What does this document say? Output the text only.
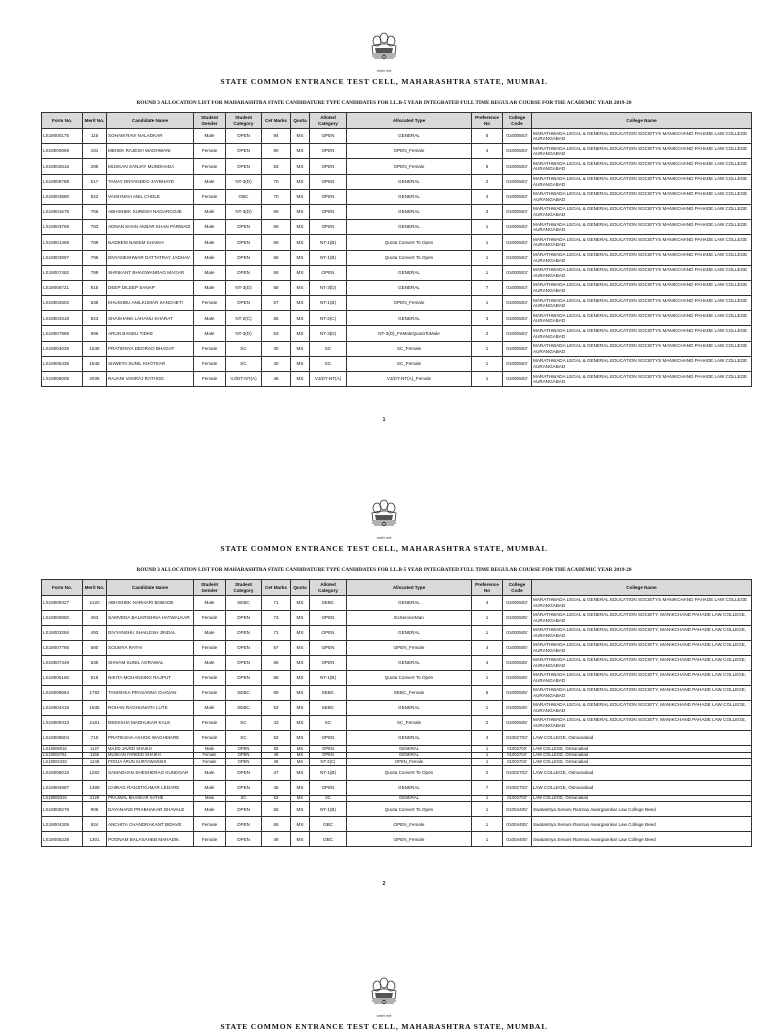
सत्यमेव जयते
STATE COMMON ENTRANCE TEST CELL, MAHARASHTRA STATE, MUMBAI.
ROUND 3 ALLOCATION LIST FOR MAHARASHTRA STATE CANDIDATURE TYPE CANDIDATES FOR LL.B-5 YEAR INTEGRATED FULL TIME REGULAR COURSE FOR THE ACADEMIC YEAR 2019-20
Form No.	Merit No.	Candidate Name	Student Gender	Student Category	Cet Marks	Quota	Alloted Category	Allocated Type	Preference No	College Code	College Name
LS19000175	116	SOHAM RAVI NALADKAR	Male	OPEN	94	MS	OPEN	GENERAL	5	01000503'	MARATHWADA LEGAL & GENERAL EDUCATION SOCIETYS MANIKCHAND PAHADE LAW COLLEGE AURANGABAD
LS19000669	181	MEHEK RAJESH WADHWANI	Female	OPEN	90	MS	OPEN	OPEN_Female	4	01000503'	MARATHWADA LEGAL & GENERAL EDUCATION SOCIETYS MANIKCHAND PAHADE LAW COLLEGE AURANGABAD
LS19002615	295	MUSKAN SANJAY MUNDHADA	Female	OPEN	83	MS	OPEN	OPEN_Female	6	01000503'	MARATHWADA LEGAL & GENERAL EDUCATION SOCIETYS MANIKCHAND PAHADE LAW COLLEGE AURANGABAD
LS19008788	517	TANAY DNYANDEO JAYBHAYE	Male	NT-3(D)	70	MS	OPEN	GENERAL	2	01000503'	MARATHWADA LEGAL & GENERAL EDUCATION SOCIETYS MANIKCHAND PAHADE LAW COLLEGE AURANGABAD
LS19003880	522	VAISHNAVI ANIL CHOLE	Female	OBC	70	MS	OPEN	GENERAL	4	01000503'	MARATHWADA LEGAL & GENERAL EDUCATION SOCIETYS MANIKCHAND PAHADE LAW COLLEGE AURANGABAD
LS19001575	766	ABHISHEK SURESH NAGARGOJE	Male	NT-3(D)	59	MS	OPEN	GENERAL	3	01000503'	MARATHWADA LEGAL & GENERAL EDUCATION SOCIETYS MANIKCHAND PAHADE LAW COLLEGE AURANGABAD
LS19003769	783	ADNAN KHAN AKBAR KHAN PARWAIZ	Male	OPEN	59	MS	OPEN	GENERAL	1	01000503'	MARATHWADA LEGAL & GENERAL EDUCATION SOCIETYS MANIKCHAND PAHADE LAW COLLEGE AURANGABAD
LS19001469	789	NADEEM NAEEM SHAIKH	Male	OPEN	59	MS	NT-1(B)	Quota Convert To Open	1	01000503'	MARATHWADA LEGAL & GENERAL EDUCATION SOCIETYS MANIKCHAND PAHADE LAW COLLEGE AURANGABAD
LS19003997	796	DNYANESHWAR DATTATRAY JADHAV	Male	OPEN	58	MS	NT-1(B)	Quota Convert To Open	1	01000503'	MARATHWADA LEGAL & GENERAL EDUCATION SOCIETYS MANIKCHAND PAHADE LAW COLLEGE AURANGABAD
LS19007462	799	SHRIKANT BHAGWANRAO MAGAR	Male	OPEN	58	MS	OPEN	GENERAL	1	01000503'	MARATHWADA LEGAL & GENERAL EDUCATION SOCIETYS MANIKCHAND PAHADE LAW COLLEGE AURANGABAD
LS19008721	815	DEEP DILEEP SANAP	Male	NT-3(D)	58	MS	NT-3(D)	GENERAL	7	01000503'	MARATHWADA LEGAL & GENERAL EDUCATION SOCIETYS MANIKCHAND PAHADE LAW COLLEGE AURANGABAD
LS19002502	838	KHUSHBU ANILKUMAR SANCHETI	Female	OPEN	57	MS	NT-1(B)	OPEN_Female	1	01000503'	MARATHWADA LEGAL & GENERAL EDUCATION SOCIETYS MANIKCHAND PAHADE LAW COLLEGE AURANGABAD
LS19004318	923	SHASHANK LAHANU KHARAT	Male	NT-2(C)	55	MS	NT-2(C)	GENERAL	3	01000503'	MARATHWADA LEGAL & GENERAL EDUCATION SOCIETYS MANIKCHAND PAHADE LAW COLLEGE AURANGABAD
LS19007989	996	ARUN BANDU TIDKE	Male	NT-3(D)	53	MS	NT-3(D)	NT-3(D)_FeMaleQuotaToMale	2	01000503'	MARATHWADA LEGAL & GENERAL EDUCATION SOCIETYS MANIKCHAND PAHADE LAW COLLEGE AURANGABAD
LS19004026	1538	PRATIDNYA DEORAO BHAGAT	Female	SC	40	MS	SC	SC_Female	1	01000503'	MARATHWADA LEGAL & GENERAL EDUCATION SOCIETYS MANIKCHAND PAHADE LAW COLLEGE AURANGABAD
LS19005436	1548	SHWETA SUNIL KHOTKAR	Female	SC	40	MS	SC	SC_Female	1	01000503'	MARATHWADA LEGAL & GENERAL EDUCATION SOCIETYS MANIKCHAND PAHADE LAW COLLEGE AURANGABAD
LS19008006	2035	RAJANI VANRAJ RATHOD	Female	VJ/DT-NT(A)	46	MS	VJ/DT-NT(A)	VJ/DT-NT(A)_Female	1	01000503'	MARATHWADA LEGAL & GENERAL EDUCATION SOCIETYS MANIKCHAND PAHADE LAW COLLEGE AURANGABAD
1
सत्यमेव जयते
STATE COMMON ENTRANCE TEST CELL, MAHARASHTRA STATE, MUMBAI.
ROUND 3 ALLOCATION LIST FOR MAHARASHTRA STATE CANDIDATURE TYPE CANDIDATES FOR LL.B-5 YEAR INTEGRATED FULL TIME REGULAR COURSE FOR THE ACADEMIC YEAR 2019-20
Form No.	Merit No.	Candidate Name	Student Gender	Student Category	Cet Marks	Quota	Alloted Category	Allocated Type	Preference No	College Code	College Name
LS19009327	2120	ABHISHEK NARHARI BOBADE	Male	SEBC	71	MS	SEBC	GENERAL	4	01000503'	MARATHWADA LEGAL & GENERAL EDUCATION SOCIETYS MANIKCHAND PAHADE LAW COLLEGE AURANGABAD
LS19000950	463	SAMVEDA BALKRISHNA HATWALKAR	Female	OPEN	73	MS	OPEN	ExServiceMan	1	01000505'	MARATHWADA LEGAL & GENERAL EDUCATION SOCIETY, MANIKCHAND PAHADE LAW COLLEGE, AURANGABAD
LS19003284	493	DIVYANSHU SHAILESH JINDAL	Male	OPEN	71	MS	OPEN	GENERAL	1	01000505'	MARATHWADA LEGAL & GENERAL EDUCATION SOCIETY, MANIKCHAND PAHADE LAW COLLEGE, AURANGABAD
LS19007765	580	SOUMYA RATHI	Female	OPEN	67	MS	OPEN	OPEN_Female	4	01000505'	MARATHWADA LEGAL & GENERAL EDUCATION SOCIETY, MANIKCHAND PAHADE LAW COLLEGE, AURANGABAD
LS19007349	635	SHIVAM SUNIL AGRAWAL	Male	OPEN	65	MS	OPEN	GENERAL	4	01000505'	MARATHWADA LEGAL & GENERAL EDUCATION SOCIETY, MANIKCHAND PAHADE LAW COLLEGE, AURANGABAD
LS19005160	818	NIKITA MOHANSING RAJPUT	Female	OPEN	58	MS	NT-1(B)	Quota Convert To Open	1	01000505'	MARATHWADA LEGAL & GENERAL EDUCATION SOCIETY, MANIKCHAND PAHADE LAW COLLEGE, AURANGABAD
LS19008664	1792	TANISHKA PRASANNA CHAVAN	Female	SEBC	69	MS	SEBC	SEBC_Female	6	01000505'	MARATHWADA LEGAL & GENERAL EDUCATION SOCIETY, MANIKCHAND PAHADE LAW COLLEGE, AURANGABAD
LS19004419	1935	ROHAN RAGHUNATH LUTE	Male	SEBC	53	MS	SEBC	GENERAL	1	01000505'	MARATHWADA LEGAL & GENERAL EDUCATION SOCIETY, MANIKCHAND PAHADE LAW COLLEGE, AURANGABAD
LS19009313	2161	DEEKSHA MADHUKAR KALE	Female	SC	43	MS	SC	SC_Female	2	01000505'	MARATHWADA LEGAL & GENERAL EDUCATION SOCIETY, MANIKCHAND PAHADE LAW COLLEGE, AURANGABAD
LS19008504	710	PRATIKSHA ASHOK WAGHMARE	Female	SC	62	MS	OPEN	GENERAL	4	01002703'	LAW COLLEGE, Osmanabad
LS19009015	1127	MAJID JAVED SHAIKH	Male	OPEN	50	MS	OPEN	GENERAL	1	01002703'	LAW COLLEGE, Osmanabad
LS19004761	1158	MUSKAN FAREED SHAIKH	Female	OPEN	49	MS	OPEN	GENERAL	1	01002703'	LAW COLLEGE, Osmanabad
LS19002433	1248	POOJA ARUN SURYAWANSHI	Female	OPEN	48	MS	NT-2(C)	OPEN_Female	1	01002703'	LAW COLLEGE, Osmanabad
LS19008015	1262	SAMADHAN SHESHERAO KUNDGAR	Male	OPEN	47	MS	NT-1(B)	Quota Convert To Open	2	01002703'	LAW COLLEGE, Osmanabad
LS19004987	1389	CHIRAG RANJITKUMAR LEDARE	Male	OPEN	45	MS	OPEN	GENERAL	7	01002703'	LAW COLLEGE, Osmanabad
LS19009316	2128	PRAJWAL BHASKAR SATHE	Male	SC	63	MS	SC	GENERAL	1	01002703'	LAW COLLEGE, Osmanabad
LS19008279	906	DAYANAND PRABHAKAR DHAVALE	Male	OPEN	55	MS	NT-1(B)	Quota Convert To Open	1	01004405'	Swatantrya Senani Ramrao Awargaonkar Law College Beed
LS19004305	924	ANCHITA CHANDRAKANT BIDAVE	Female	OPEN	55	MS	OBC	OPEN_Female	1	01004405'	Swatantrya Senani Ramrao Awargaonkar Law College Beed
LS19005229	1301	POONAM BALASAHEB MAHADIK	Female	OPEN	46	MS	OBC	OPEN_Female	1	01004405'	Swatantrya Senani Ramrao Awargaonkar Law College Beed
2
सत्यमेव जयते
STATE COMMON ENTRANCE TEST CELL, MAHARASHTRA STATE, MUMBAI.
